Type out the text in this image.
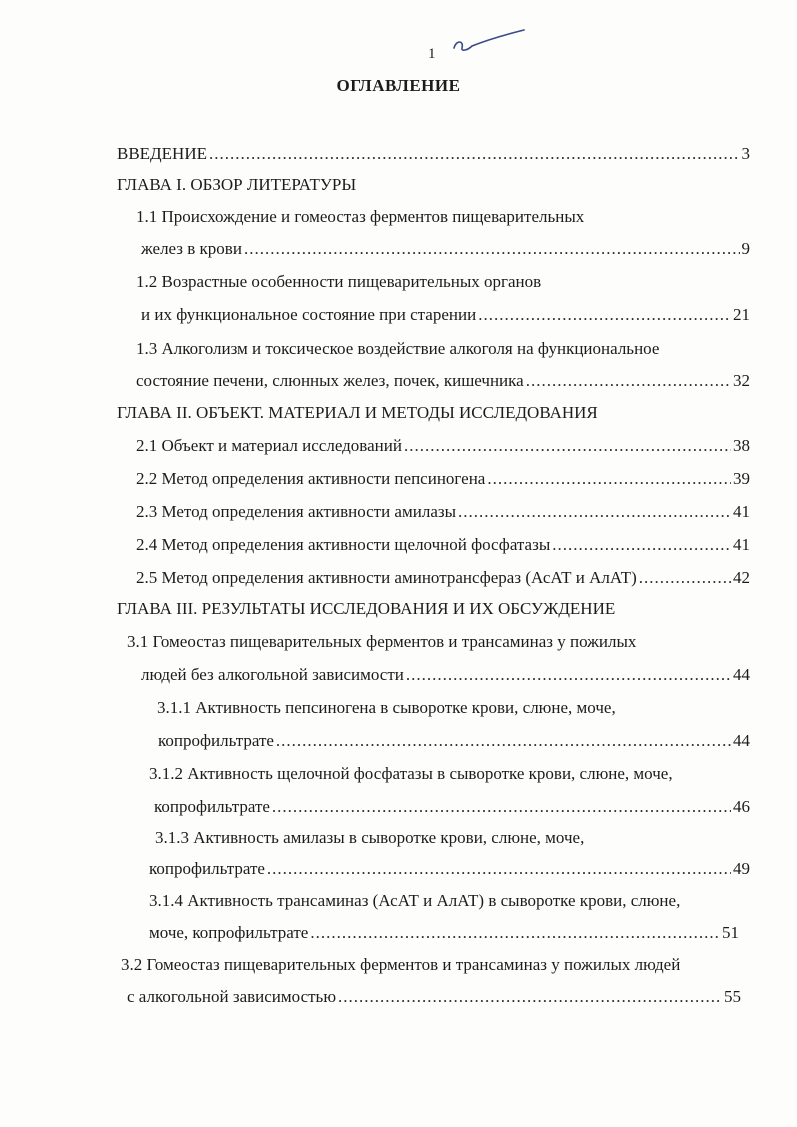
1
ОГЛАВЛЕНИЕ
ВВЕДЕНИЕ .....	3
ГЛАВА I. ОБЗОР ЛИТЕРАТУРЫ
1.1 Происхождение и гомеостаз ферментов пищеварительных
желез в крови .....	9
1.2 Возрастные особенности пищеварительных органов
и их функциональное состояние при старении .....	21
1.3 Алкоголизм и токсическое воздействие алкоголя на функциональное
состояние печени, слюнных желез, почек, кишечника .....	32
ГЛАВА II. ОБЪЕКТ. МАТЕРИАЛ И МЕТОДЫ ИССЛЕДОВАНИЯ
2.1 Объект и материал исследований .....	38
2.2 Метод определения активности пепсиногена .....	39
2.3 Метод определения активности амилазы .....	41
2.4 Метод определения активности щелочной фосфатазы .....	41
2.5 Метод определения активности аминотрансфераз (АсАТ и АлАТ) .....	42
ГЛАВА III. РЕЗУЛЬТАТЫ ИССЛЕДОВАНИЯ И ИХ ОБСУЖДЕНИЕ
3.1 Гомеостаз пищеварительных ферментов и трансаминаз у пожилых
людей без алкогольной зависимости .....	44
3.1.1 Активность пепсиногена в сыворотке крови, слюне, моче,
копрофильтрате .....	44
3.1.2 Активность щелочной фосфатазы в сыворотке крови, слюне, моче,
копрофильтрате .....	46
3.1.3 Активность амилазы в сыворотке крови, слюне, моче,
копрофильтрате .....	49
3.1.4 Активность трансаминаз (АсАТ и АлАТ) в сыворотке крови, слюне,
моче, копрофильтрате .....	51
3.2 Гомеостаз пищеварительных ферментов и трансаминаз у пожилых людей
с алкогольной зависимостью .....	55
